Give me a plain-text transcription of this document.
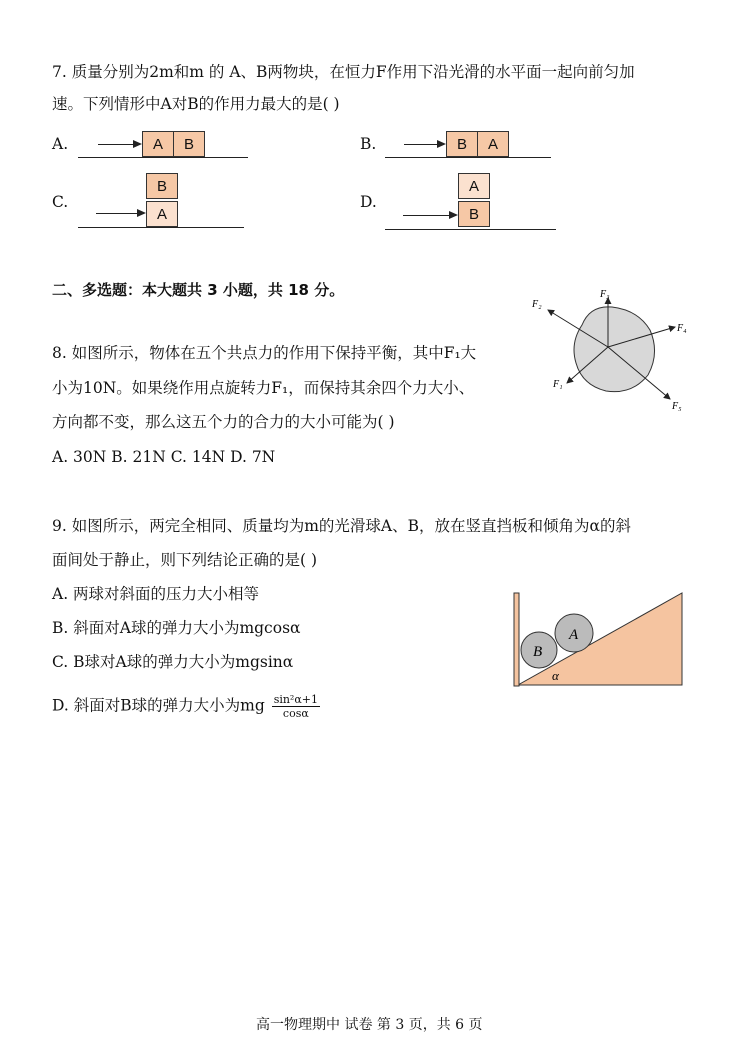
7. 质量分别为2m和m 的 A、B两物块，在恒力F作用下沿光滑的水平面一起向前匀加
速。下列情形中A对B的作用力最大的是( )
A.	A	B	B.	B	A
C.
B
A
D.
A
B
二、多选题：本大题共 3 小题，共 18 分。
8. 如图所示，物体在五个共点力的作用下保持平衡，其中F₁大
小为10N。如果绕作用点旋转力F₁，而保持其余四个力大小、
方向都不变，那么这五个力的合力的大小可能为( )
A. 30N B. 21N C. 14N D. 7N
F₁
F₂
F₃
F₄
F₅
9. 如图所示，两完全相同、质量均为m的光滑球A、B，放在竖直挡板和倾角为α的斜
面间处于静止，则下列结论正确的是( )
A. 两球对斜面的压力大小相等
B. 斜面对A球的弹力大小为mgcosα
C. B球对A球的弹力大小为mgsinα
D. 斜面对B球的弹力大小为mg $\frac{\text{sin²α+1}}{\cos\alpha}$
B
A
α
高一物理期中 试卷 第 3 页，共 6 页
